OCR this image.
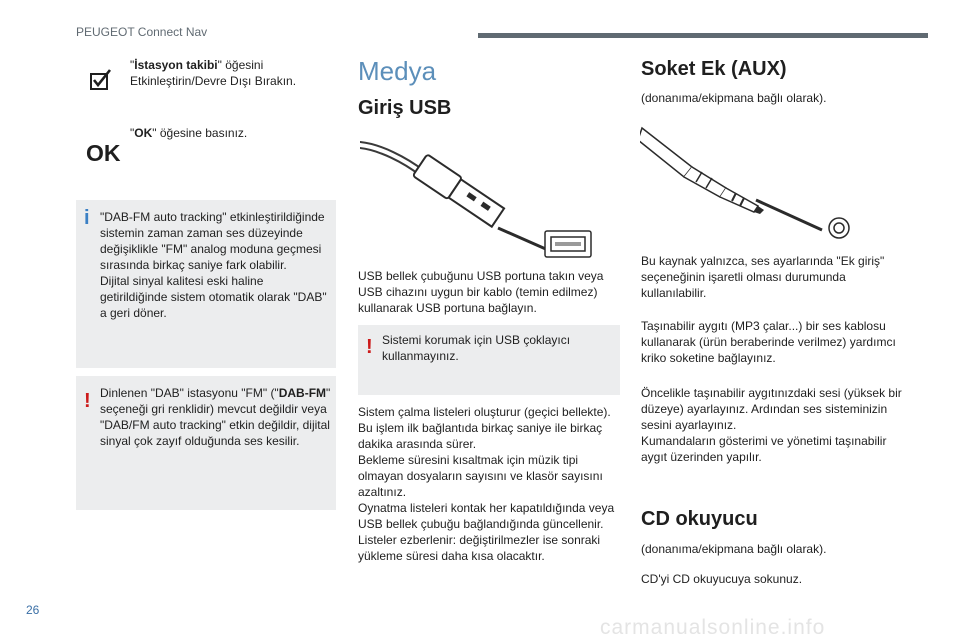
PEUGEOT Connect Nav
26
carmanualsonline.info
"İstasyon takibi" öğesini Etkinleştirin/Devre Dışı Bırakın.
OK
"OK" öğesine basınız.
i "DAB-FM auto tracking" etkinleştirildiğinde sistemin zaman zaman ses düzeyinde değişiklikle "FM" analog moduna geçmesi sırasında birkaç saniye fark olabilir.
Dijital sinyal kalitesi eski haline getirildiğinde sistem otomatik olarak "DAB" a geri döner.
! Dinlenen "DAB" istasyonu "FM" ("DAB-FM" seçeneği gri renklidir) mevcut değildir veya "DAB/FM auto tracking" etkin değildir, dijital sinyal çok zayıf olduğunda ses kesilir.
Medya
Giriş USB
USB bellek çubuğunu USB portuna takın veya USB cihazını uygun bir kablo (temin edilmez) kullanarak USB portuna bağlayın.
! Sistemi korumak için USB çoklayıcı kullanmayınız.
Sistem çalma listeleri oluşturur (geçici bellekte). Bu işlem ilk bağlantıda birkaç saniye ile birkaç dakika arasında sürer.
Bekleme süresini kısaltmak için müzik tipi olmayan dosyaların sayısını ve klasör sayısını azaltınız.
Oynatma listeleri kontak her kapatıldığında veya USB bellek çubuğu bağlandığında güncellenir. Listeler ezberlenir: değiştirilmezler ise sonraki yükleme süresi daha kısa olacaktır.
Soket Ek (AUX)
(donanıma/ekipmana bağlı olarak).
Bu kaynak yalnızca, ses ayarlarında "Ek giriş" seçeneğinin işaretli olması durumunda kullanılabilir.
Taşınabilir aygıtı (MP3 çalar...) bir ses kablosu kullanarak (ürün beraberinde verilmez) yardımcı kriko soketine bağlayınız.
Öncelikle taşınabilir aygıtınızdaki sesi (yüksek bir düzeye) ayarlayınız. Ardından ses sisteminizin sesini ayarlayınız.
Kumandaların gösterimi ve yönetimi taşınabilir aygıt üzerinden yapılır.
CD okuyucu
(donanıma/ekipmana bağlı olarak).
CD'yi CD okuyucuya sokunuz.
